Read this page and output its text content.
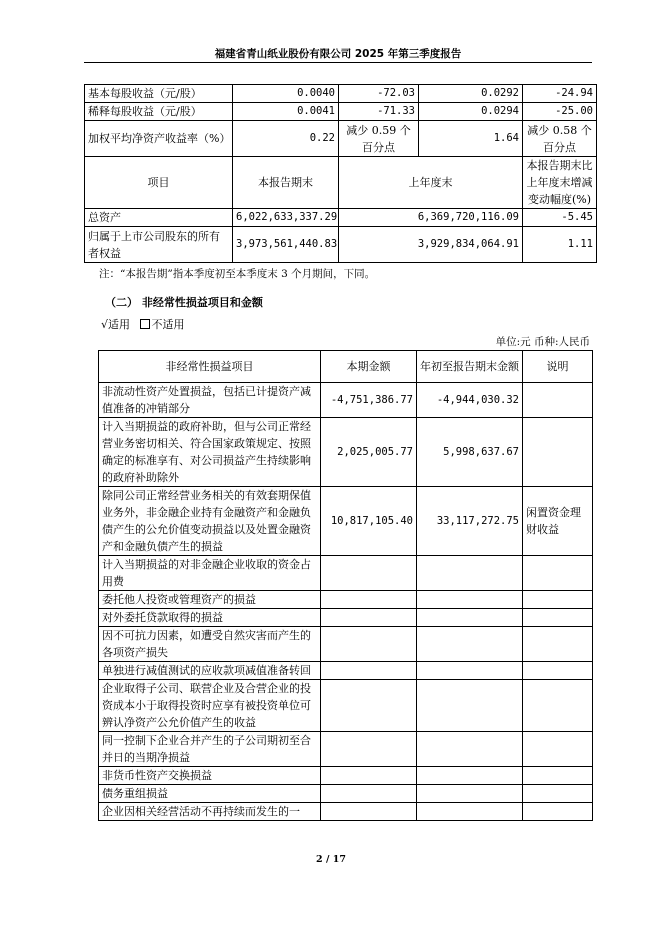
福建省青山纸业股份有限公司 2025 年第三季度报告
基本每股收益（元/股）	0.0040	-72.03	0.0292	-24.94
稀释每股收益（元/股）	0.0041	-71.33	0.0294	-25.00
加权平均净资产收益率（%）	0.22	减少 0.59 个百分点	1.64	减少 0.58 个百分点
项目	本报告期末	上年度末		本报告期末比上年度末增减变动幅度(%)
总资产	6,022,633,337.29	6,369,720,116.09		-5.45
归属于上市公司股东的所有者权益	3,973,561,440.83	3,929,834,064.91		1.11
注：“本报告期”指本季度初至本季度末 3 个月期间，下同。
（二） 非经常性损益项目和金额
√适用 不适用
单位:元 币种:人民币
非经常性损益项目	本期金额	年初至报告期末金额	说明
非流动性资产处置损益，包括已计提资产减值准备的冲销部分	-4,751,386.77	-4,944,030.32	
计入当期损益的政府补助，但与公司正常经营业务密切相关、符合国家政策规定、按照确定的标准享有、对公司损益产生持续影响的政府补助除外	2,025,005.77	5,998,637.67	
除同公司正常经营业务相关的有效套期保值业务外，非金融企业持有金融资产和金融负债产生的公允价值变动损益以及处置金融资产和金融负债产生的损益	10,817,105.40	33,117,272.75	闲置资金理财收益
计入当期损益的对非金融企业收取的资金占用费			
委托他人投资或管理资产的损益			
对外委托贷款取得的损益			
因不可抗力因素，如遭受自然灾害而产生的各项资产损失			
单独进行减值测试的应收款项减值准备转回			
企业取得子公司、联营企业及合营企业的投资成本小于取得投资时应享有被投资单位可辨认净资产公允价值产生的收益			
同一控制下企业合并产生的子公司期初至合并日的当期净损益			
非货币性资产交换损益			
债务重组损益			
企业因相关经营活动不再持续而发生的一			
2 / 17
